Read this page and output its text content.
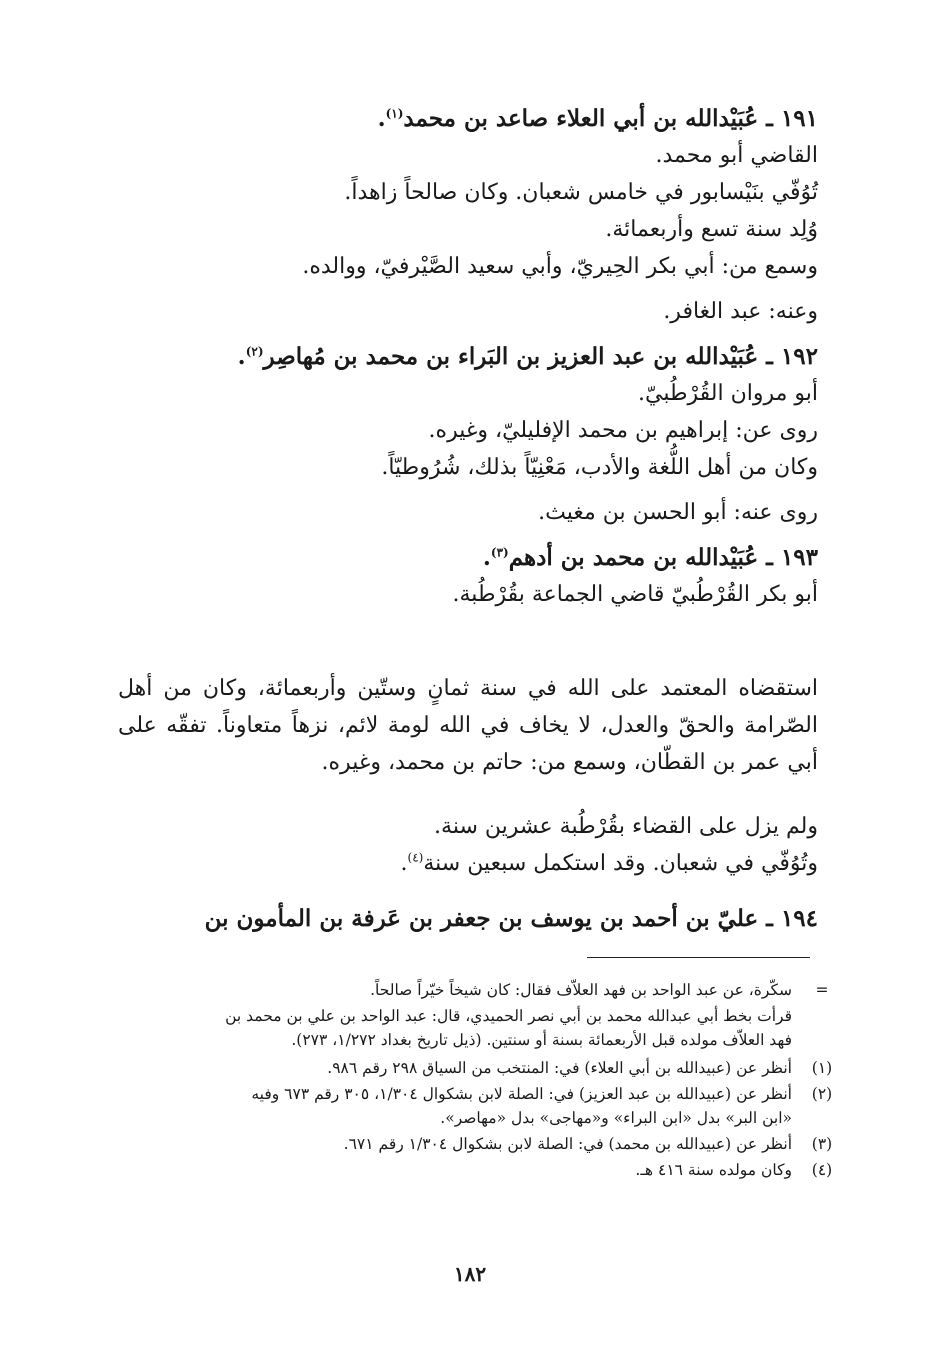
١٩١ ـ عُبَيْدالله بن أبي العلاء صاعد بن محمد$^{(١)}$.

القاضي أبو محمد.

تُوُفّي بنَيْسابور في خامس شعبان. وكان صالحاً زاهداً.

وُلِد سنة تسع وأربعمائة.

وسمع من: أبي بكر الحِيريّ، وأبي سعيد الصَّيْرفيّ، ووالده.

وعنه: عبد الغافر.

١٩٢ ـ عُبَيْدالله بن عبد العزيز بن البَراء بن محمد بن مُهاصِر$^{(٢)}$.

أبو مروان القُرْطُبيّ.

روى عن: إبراهيم بن محمد الإفليليّ، وغيره.

وكان من أهل اللُّغة والأدب، مَعْنِيّاً بذلك، شُرُوطيّاً.

روى عنه: أبو الحسن بن مغيث.

١٩٣ ـ عُبَيْدالله بن محمد بن أدهم$^{(٣)}$.

أبو بكر القُرْطُبيّ قاضي الجماعة بقُرْطُبة.

استقضاه المعتمد على الله في سنة ثمانٍ وستّين وأربعمائة، وكان من أهل الصّرامة والحقّ والعدل، لا يخاف في الله لومة لائم، نزهاً متعاوناً. تفقّه على أبي عمر بن القطّان، وسمع من: حاتم بن محمد، وغيره.

ولم يزل على القضاء بقُرْطُبة عشرين سنة.

وتُوُفّي في شعبان. وقد استكمل سبعين سنة$^{(٤)}$.

١٩٤ ـ عليّ بن أحمد بن يوسف بن جعفر بن عَرفة بن المأمون بن

=

سكّرة، عن عبد الواحد بن فهد العلاّف فقال: كان شيخاً خيّراً صالحاً.

قرأت بخط أبي عبدالله محمد بن أبي نصر الحميدي، قال: عبد الواحد بن علي بن محمد بن

فهد العلاّف مولده قبل الأربعمائة بسنة أو سنتين. (ذيل تاريخ بغداد ١/٢٧٢، ٢٧٣).

(١)

أنظر عن (عبيدالله بن أبي العلاء) في: المنتخب من السياق ٢٩٨ رقم ٩٨٦.

(٢)

أنظر عن (عبيدالله بن عبد العزيز) في: الصلة لابن بشكوال ١/٣٠٤، ٣٠٥ رقم ٦٧٣ وفيه

«ابن البر» بدل «ابن البراء» و«مهاجى» بدل «مهاصر».

(٣)

أنظر عن (عبيدالله بن محمد) في: الصلة لابن بشكوال ١/٣٠٤ رقم ٦٧١.

(٤)

وكان مولده سنة ٤١٦ هـ.

١٨٢
